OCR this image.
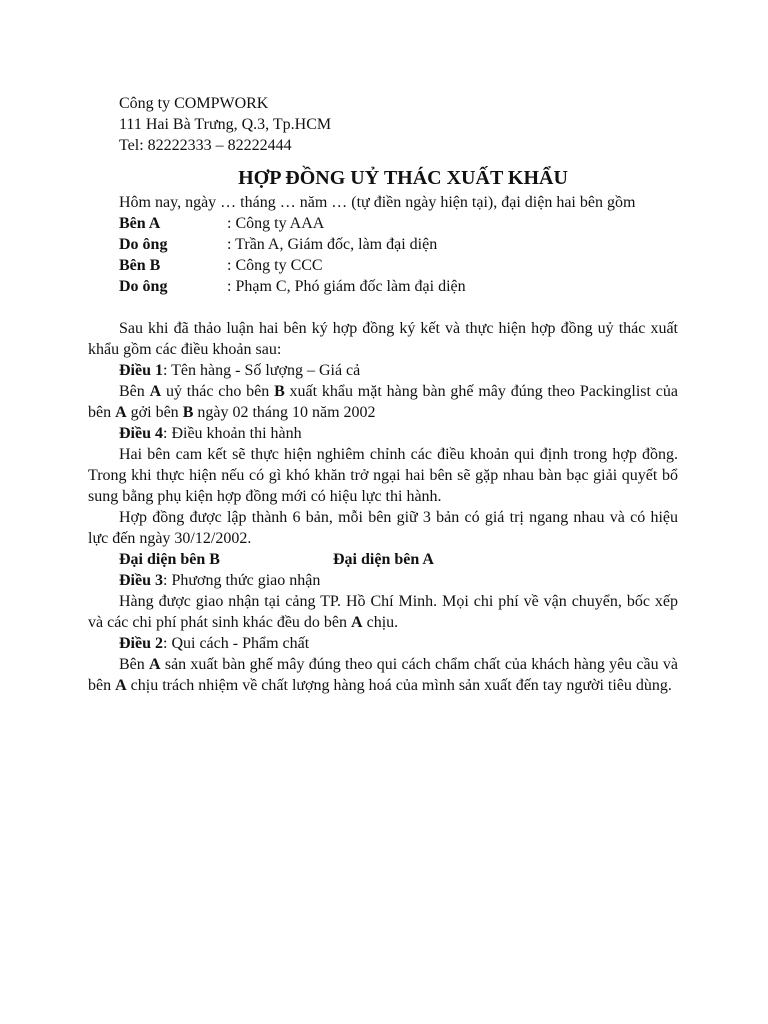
Công ty COMPWORK
111 Hai Bà Trưng, Q.3, Tp.HCM
Tel: 82222333 – 82222444
HỢP ĐỒNG UỶ THÁC XUẤT KHẨU
Hôm nay, ngày … tháng … năm … (tự điền ngày hiện tại), đại diện hai bên gồm
Bên A	: Công ty AAA
Do ông	: Trần A, Giám đốc, làm đại diện
Bên B	: Công ty CCC
Do ông	: Phạm C, Phó giám đốc làm đại diện
Sau khi đã thảo luận hai bên ký hợp đồng ký kết và thực hiện hợp đồng uỷ thác xuất khẩu gồm các điều khoản sau:
Điều 1: Tên hàng - Số lượng – Giá cả
Bên A uỷ thác cho bên B xuất khẩu mặt hàng bàn ghế mây đúng theo Packinglist của bên A gởi bên B ngày 02 tháng 10 năm 2002
Điều 4: Điều khoản thi hành
Hai bên cam kết sẽ thực hiện nghiêm chỉnh các điều khoản qui định trong hợp đồng. Trong khi thực hiện nếu có gì khó khăn trở ngại hai bên sẽ gặp nhau bàn bạc giải quyết bổ sung bằng phụ kiện hợp đồng mới có hiệu lực thi hành.
Hợp đồng được lập thành 6 bản, mỗi bên giữ 3 bản có giá trị ngang nhau và có hiệu lực đến ngày 30/12/2002.
Đại diện bên B	Đại diện bên A
Điều 3: Phương thức giao nhận
Hàng được giao nhận tại cảng TP. Hồ Chí Minh. Mọi chi phí về vận chuyển, bốc xếp và các chi phí phát sinh khác đều do bên A chịu.
Điều 2: Qui cách - Phẩm chất
Bên A sản xuất bàn ghế mây đúng theo qui cách chẩm chất của khách hàng yêu cầu và bên A chịu trách nhiệm về chất lượng hàng hoá của mình sản xuất đến tay người tiêu dùng.
